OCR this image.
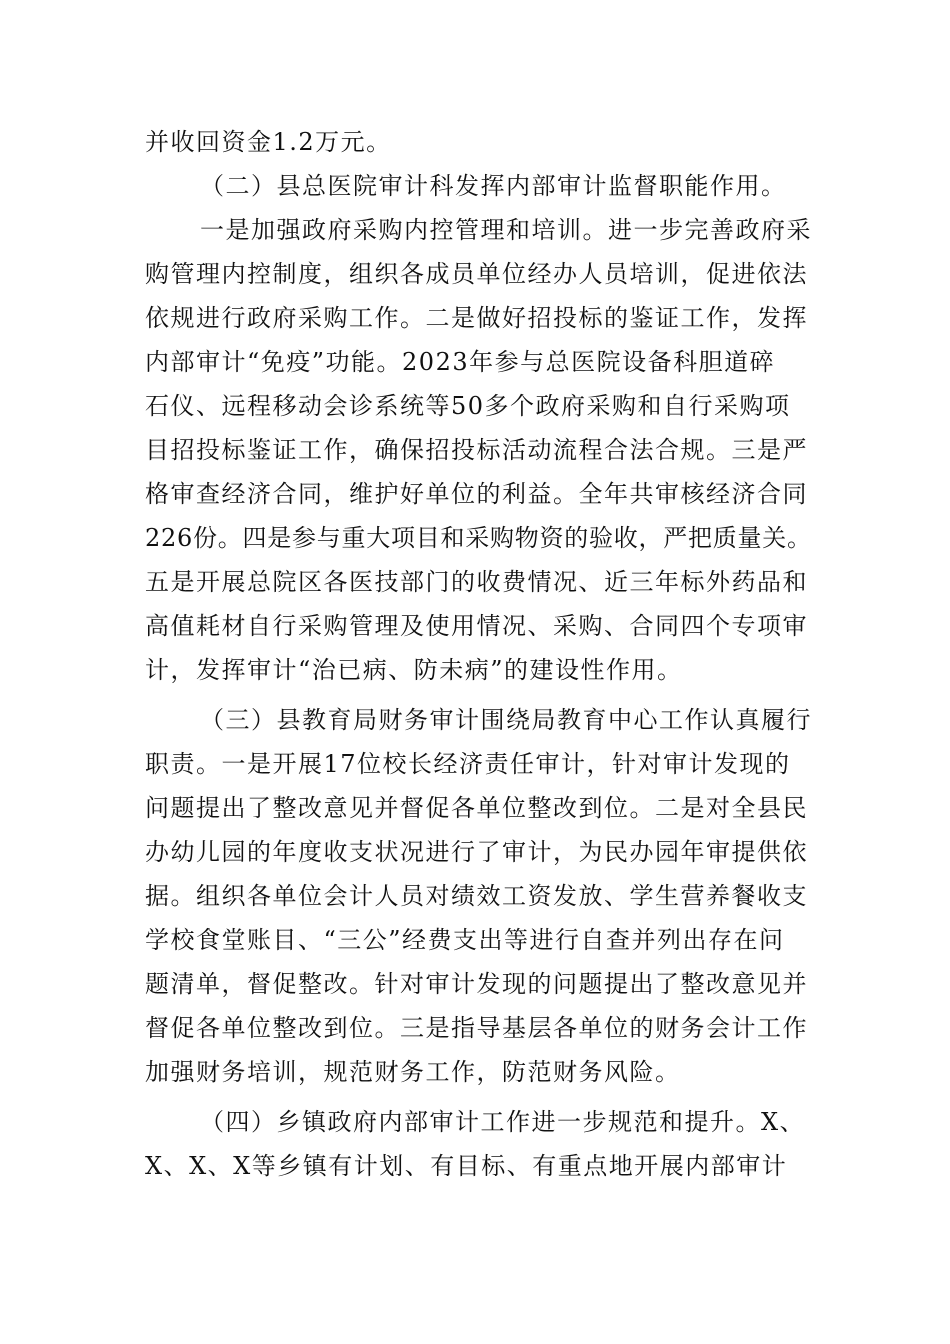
并收回资金1.2万元。
（二）县总医院审计科发挥内部审计监督职能作用。
一是加强政府采购内控管理和培训。进一步完善政府采
购管理内控制度，组织各成员单位经办人员培训，促进依法
依规进行政府采购工作。二是做好招投标的鉴证工作，发挥
内部审计“免疫”功能。2023年参与总医院设备科胆道碎
石仪、远程移动会诊系统等50多个政府采购和自行采购项
目招投标鉴证工作，确保招投标活动流程合法合规。三是严
格审查经济合同，维护好单位的利益。全年共审核经济合同
226份。四是参与重大项目和采购物资的验收，严把质量关。
五是开展总院区各医技部门的收费情况、近三年标外药品和
高值耗材自行采购管理及使用情况、采购、合同四个专项审
计，发挥审计“治已病、防未病”的建设性作用。
（三）县教育局财务审计围绕局教育中心工作认真履行
职责。一是开展17位校长经济责任审计，针对审计发现的
问题提出了整改意见并督促各单位整改到位。二是对全县民
办幼儿园的年度收支状况进行了审计，为民办园年审提供依
据。组织各单位会计人员对绩效工资发放、学生营养餐收支
学校食堂账目、“三公”经费支出等进行自查并列出存在问
题清单，督促整改。针对审计发现的问题提出了整改意见并
督促各单位整改到位。三是指导基层各单位的财务会计工作
加强财务培训，规范财务工作，防范财务风险。
（四）乡镇政府内部审计工作进一步规范和提升。X、
X、X、X等乡镇有计划、有目标、有重点地开展内部审计
